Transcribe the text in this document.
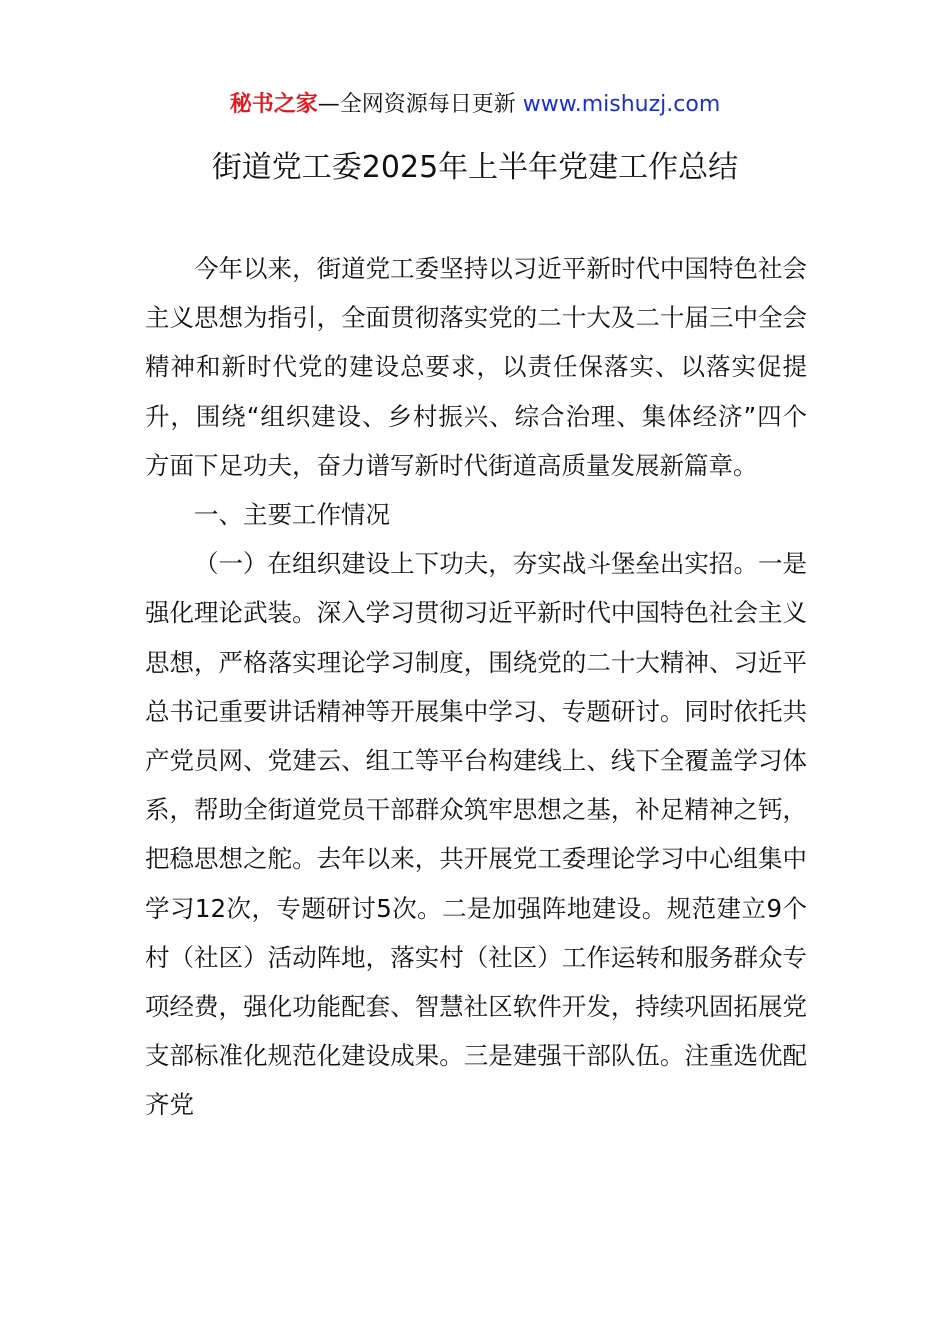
秘书之家—全网资源每日更新 www.mishuzj.com
街道党工委2025年上半年党建工作总结

今年以来，街道党工委坚持以习近平新时代中国特色社会主义思想为指引，全面贯彻落实党的二十大及二十届三中全会精神和新时代党的建设总要求，以责任保落实、以落实促提升，围绕“组织建设、乡村振兴、综合治理、集体经济”四个方面下足功夫，奋力谱写新时代街道高质量发展新篇章。

一、主要工作情况

（一）在组织建设上下功夫，夯实战斗堡垒出实招。一是强化理论武装。深入学习贯彻习近平新时代中国特色社会主义思想，严格落实理论学习制度，围绕党的二十大精神、习近平总书记重要讲话精神等开展集中学习、专题研讨。同时依托共产党员网、党建云、组工等平台构建线上、线下全覆盖学习体系，帮助全街道党员干部群众筑牢思想之基，补足精神之钙，把稳思想之舵。去年以来，共开展党工委理论学习中心组集中学习12次，专题研讨5次。二是加强阵地建设。规范建立9个村（社区）活动阵地，落实村（社区）工作运转和服务群众专项经费，强化功能配套、智慧社区软件开发，持续巩固拓展党支部标准化规范化建设成果。三是建强干部队伍。注重选优配齐党
